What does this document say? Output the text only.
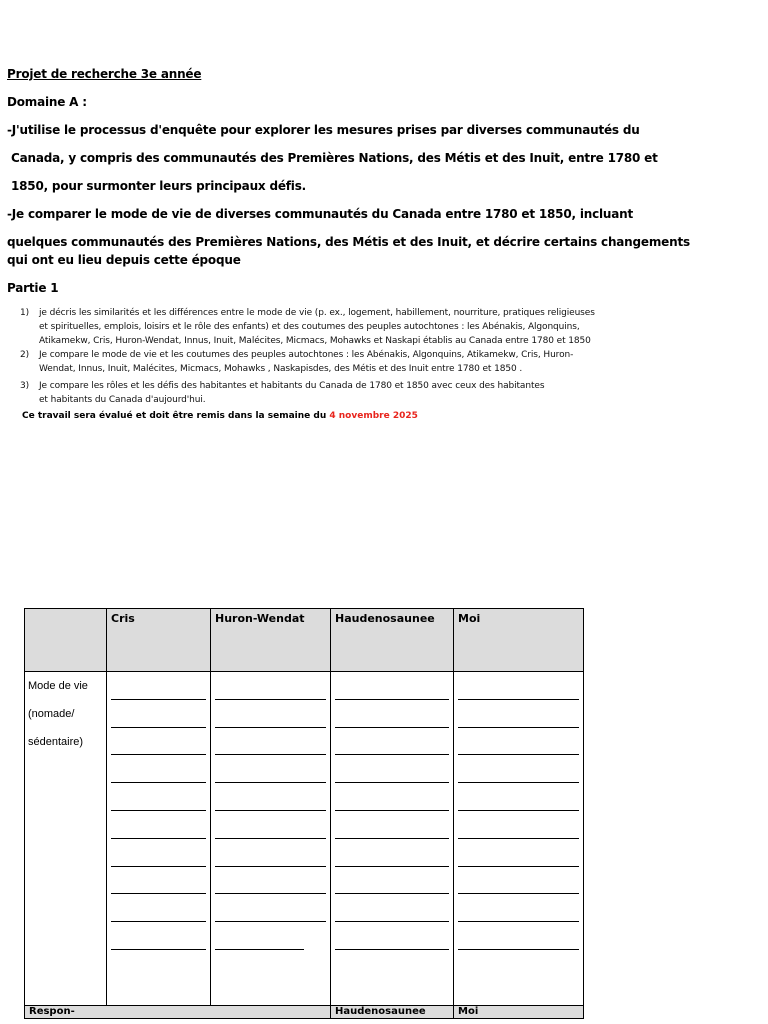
Projet de recherche 3e année
Domaine A :
-J'utilise le processus d'enquête pour explorer les mesures prises par diverses communautés du
Canada, y compris des communautés des Premières Nations, des Métis et des Inuit, entre 1780 et
1850, pour surmonter leurs principaux défis.
-Je comparer le mode de vie de diverses communautés du Canada entre 1780 et 1850, incluant
quelques communautés des Premières Nations, des Métis et des Inuit, et décrire certains changements
qui ont eu lieu depuis cette époque
Partie 1
1) je décris les similarités et les différences entre le mode de vie (p. ex., logement, habillement, nourriture, pratiques religieuses
et spirituelles, emplois, loisirs et le rôle des enfants) et des coutumes des peuples autochtones : les Abénakis, Algonquins,
Atikamekw, Cris, Huron-Wendat, Innus, Inuit, Malécites, Micmacs, Mohawks et Naskapi établis au Canada entre 1780 et 1850
2) Je compare le mode de vie et les coutumes des peuples autochtones : les Abénakis, Algonquins, Atikamekw, Cris, Huron-
Wendat, Innus, Inuit, Malécites, Micmacs, Mohawks , Naskapisdes, des Métis et des Inuit entre 1780 et 1850 .
3) Je compare les rôles et les défis des habitantes et habitants du Canada de 1780 et 1850 avec ceux des habitantes
et habitants du Canada d'aujourd'hui.
Ce travail sera évalué et doit être remis dans la semaine du 4 novembre 2025

	Cris	Huron-Wendat	Haudenosaunee	Moi

Mode de vie
(nomade/
sédentaire)				

Respon-			Haudenosaunee	Moi
